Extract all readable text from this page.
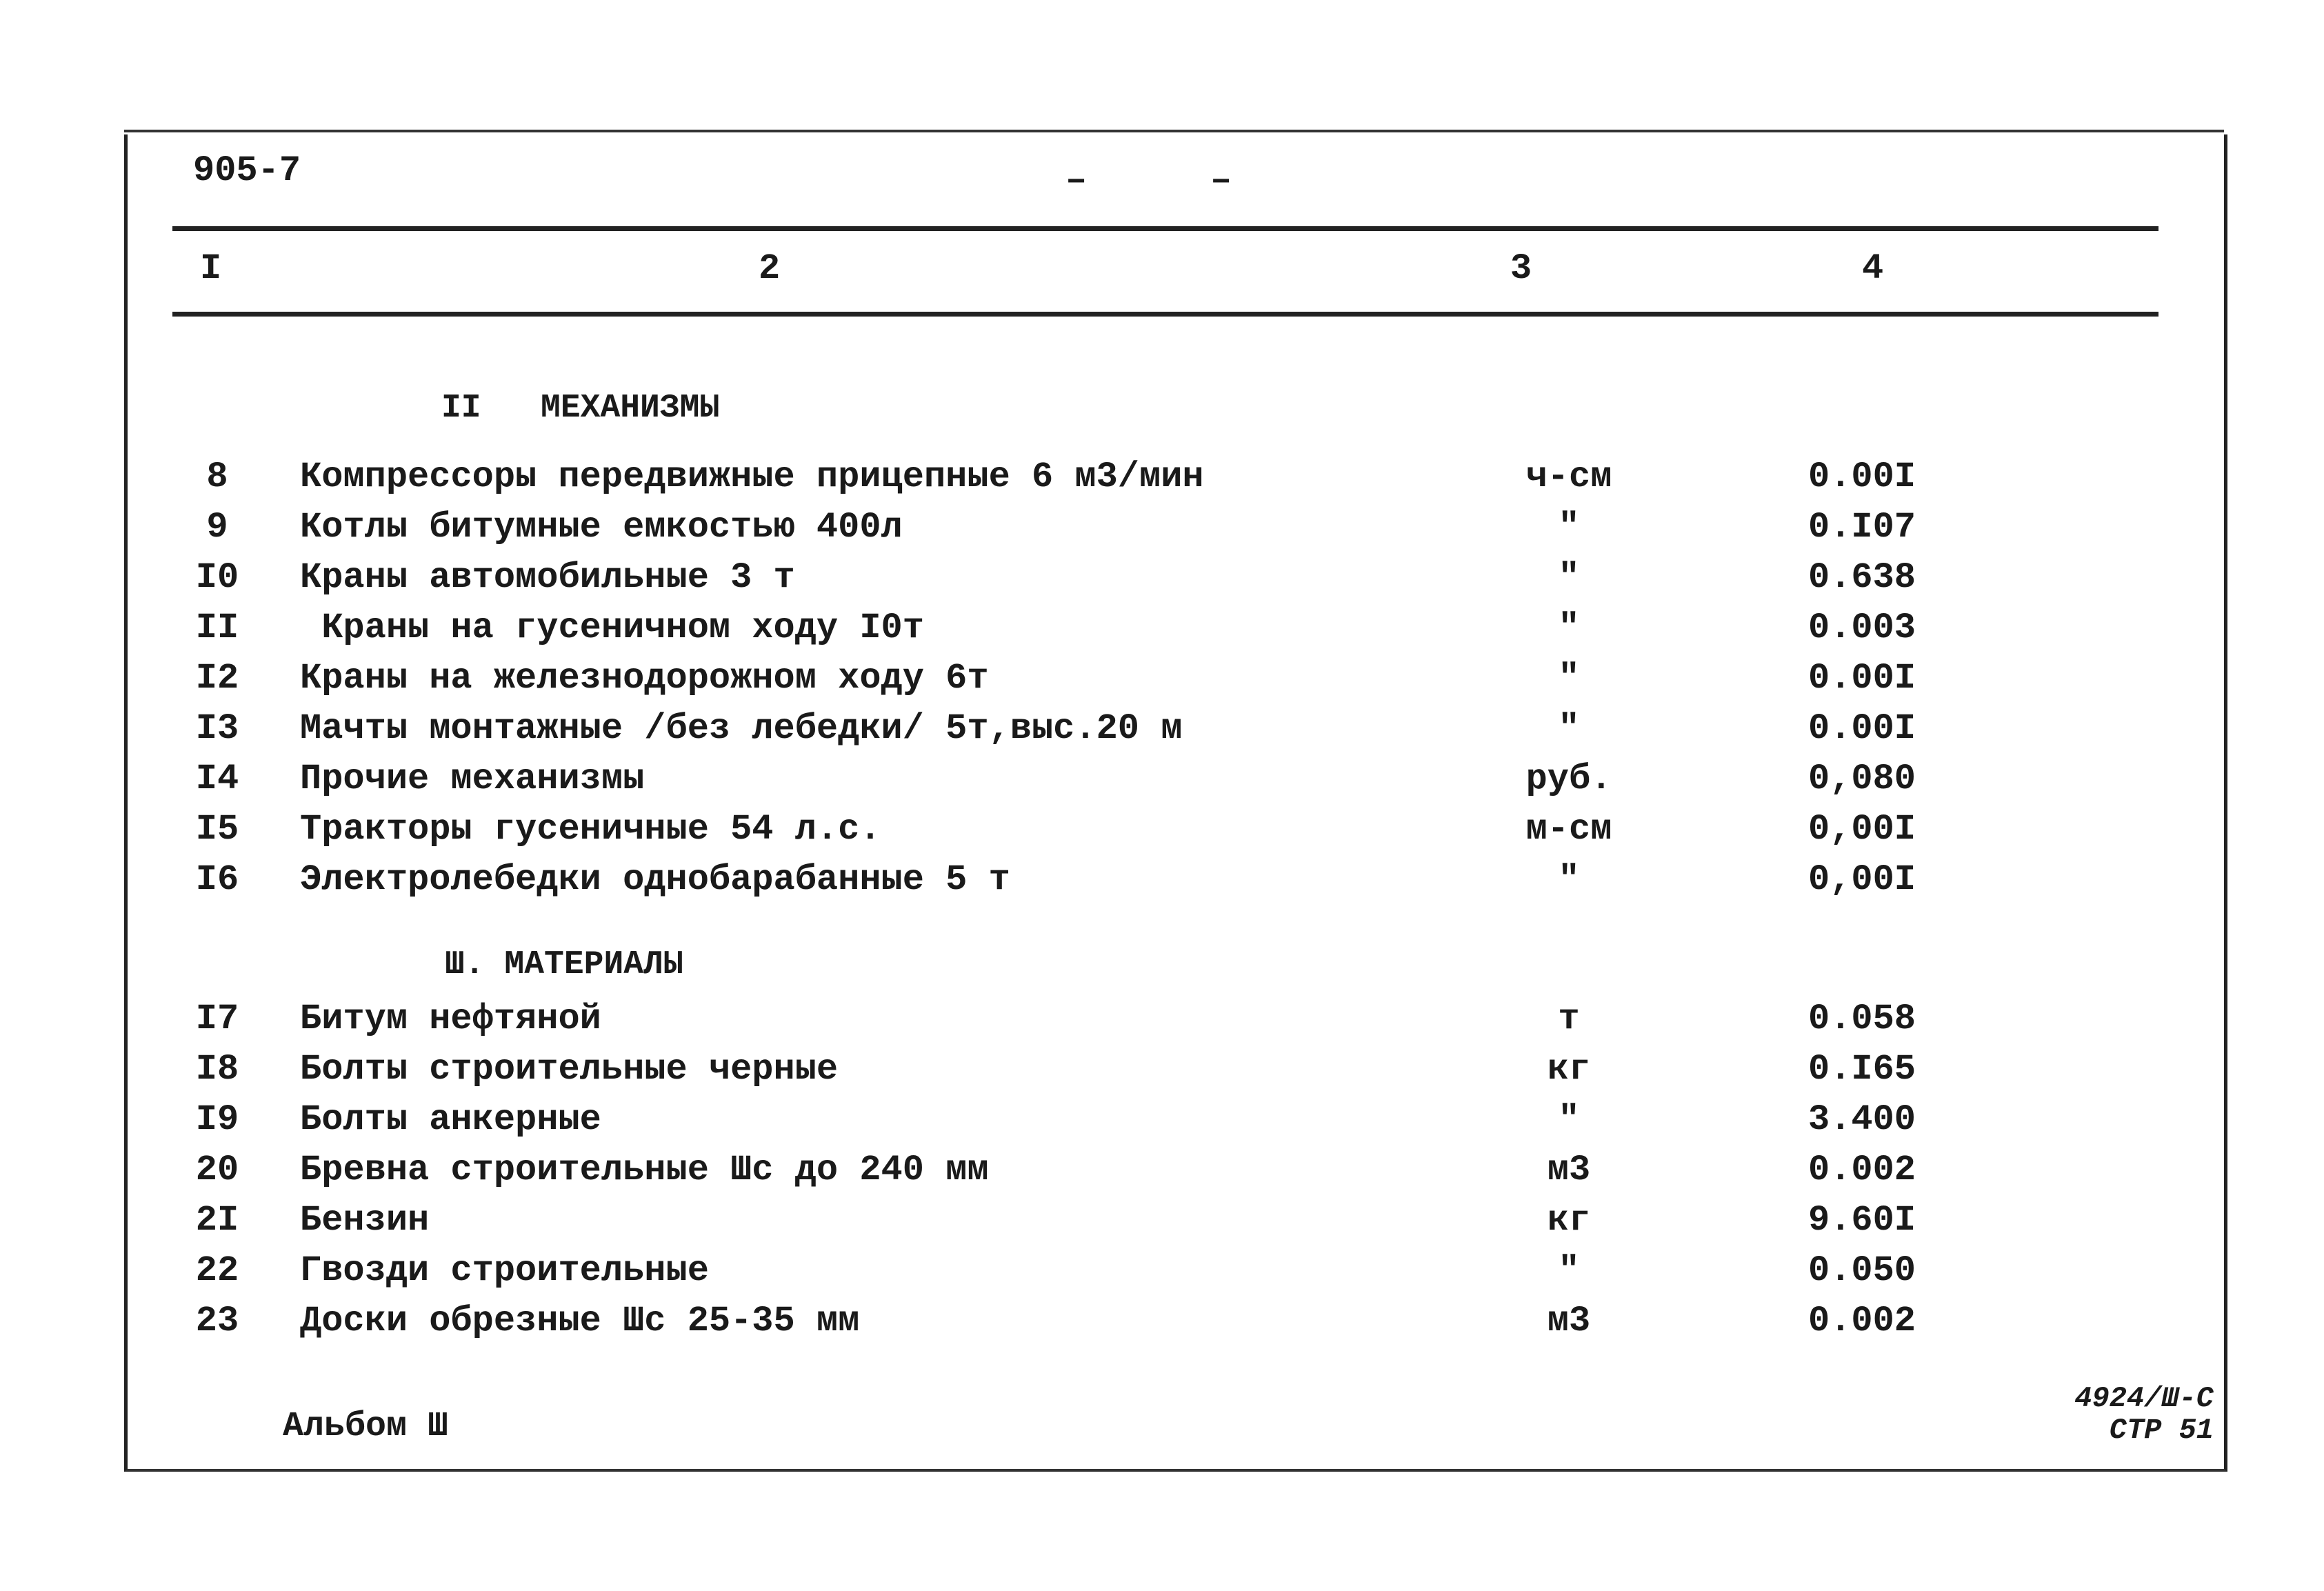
905-7	–	–
I	2	3	4
II   МЕХАНИЗМЫ
8	Компрессоры передвижные прицепные 6 м3/мин	ч-см	0.00I
9	Котлы битумные емкостью 400л	"	0.I07
I0 Краны автомобильные 3 т	"	0.638
II Краны на гусеничном ходу I0т	"	0.003
I2 Краны на железнодорожном ходу 6т	"	0.00I
I3 Мачты монтажные /без лебедки/ 5т,выс.20 м	"	0.00I
I4 Прочие механизмы	руб.	0,080
I5 Тракторы гусеничные 54 л.с.	м-см	0,00I
I6 Электролебедки однобарабанные 5 т	"	0,00I
Ш. МАТЕРИАЛЫ
I7 Битум нефтяной	т	0.058
I8 Болты строительные черные	кг	0.I65
I9 Болты анкерные	"	3.400
20 Бревна строительные Шс до 240 мм	м3	0.002
2I Бензин	кг	9.60I
22 Гвозди строительные	"	0.050
23 Доски обрезные Шс 25-35 мм	м3	0.002
Альбом Ш
4924/Ш-С
СТР 51
